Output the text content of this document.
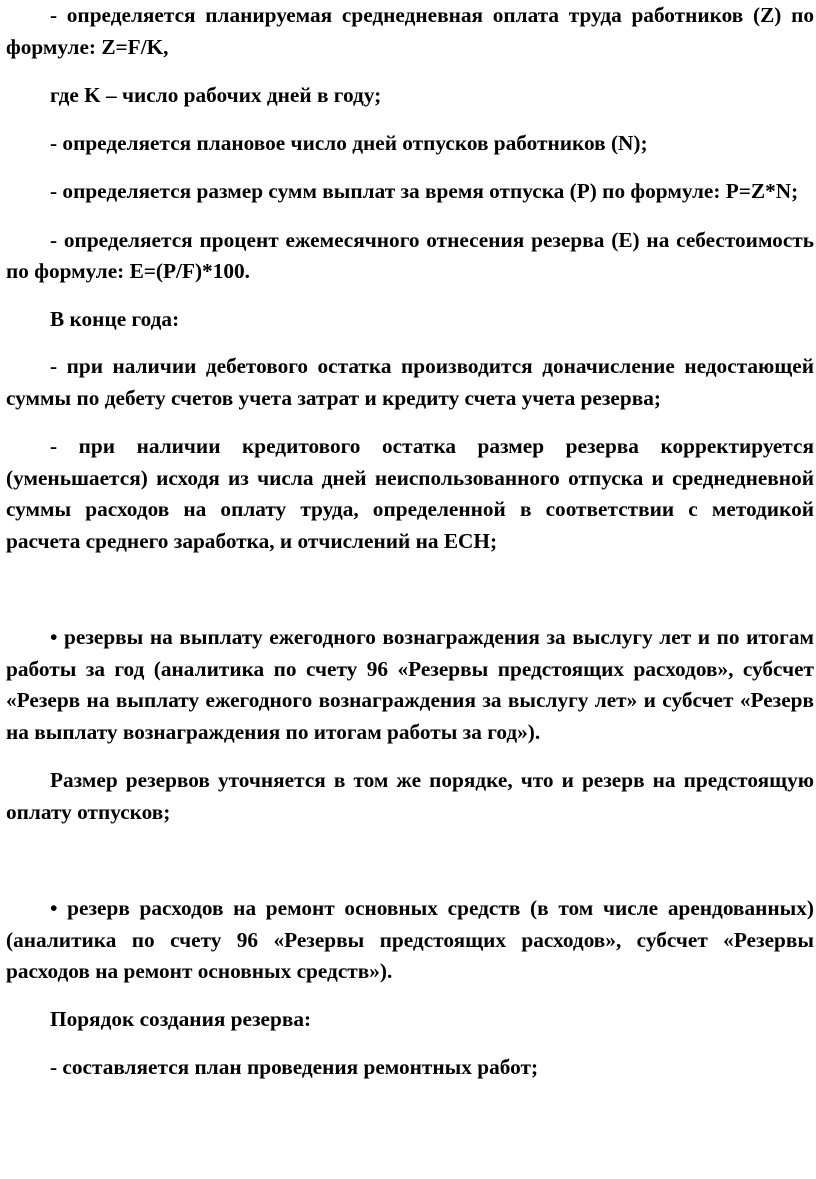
- определяется планируемая среднедневная оплата труда работников (Z) по формуле: Z=F/K,

где K – число рабочих дней в году;

- определяется плановое число дней отпусков работников (N);

- определяется размер сумм выплат за время отпуска (P) по формуле: P=Z*N;

- определяется процент ежемесячного отнесения резерва (E) на себестоимость по формуле: E=(P/F)*100.

В конце года:

- при наличии дебетового остатка производится доначисление недостающей суммы по дебету счетов учета затрат и кредиту счета учета резерва;

- при наличии кредитового остатка размер резерва корректируется (уменьшается) исходя из числа дней неиспользованного отпуска и среднедневной суммы расходов на оплату труда, определенной в соответствии с методикой расчета среднего заработка, и отчислений на ЕСН;

• резервы на выплату ежегодного вознаграждения за выслугу лет и по итогам работы за год (аналитика по счету 96 «Резервы предстоящих расходов», субсчет «Резерв на выплату ежегодного вознаграждения за выслугу лет» и субсчет «Резерв на выплату вознаграждения по итогам работы за год»).

Размер резервов уточняется в том же порядке, что и резерв на предстоящую оплату отпусков;

• резерв расходов на ремонт основных средств (в том числе арендованных) (аналитика по счету 96 «Резервы предстоящих расходов», субсчет «Резервы расходов на ремонт основных средств»).

Порядок создания резерва:

- составляется план проведения ремонтных работ;
